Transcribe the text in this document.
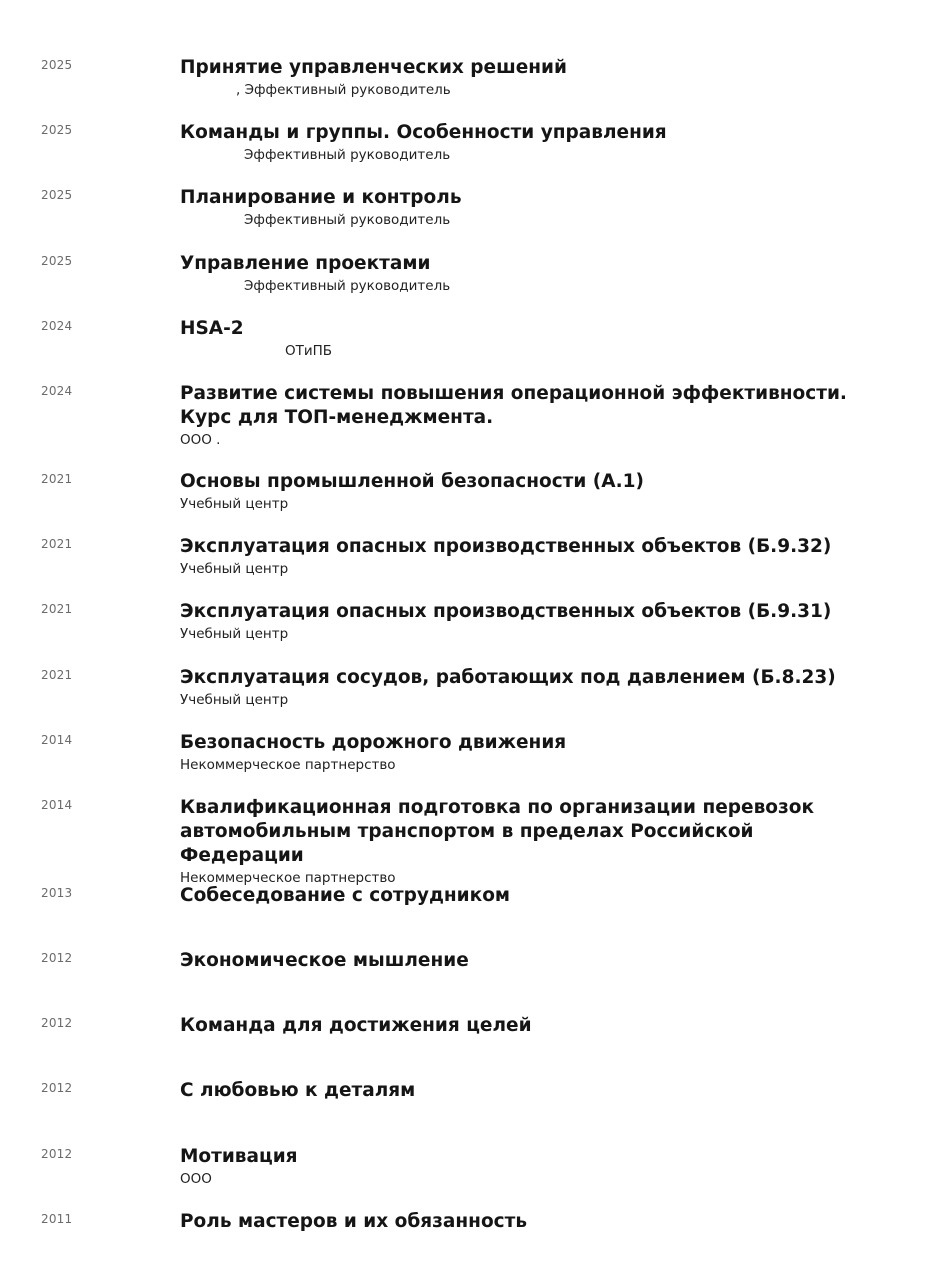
2025	Принятие управленческих решений
, Эффективный руководитель
2025	Команды и группы. Особенности управления
Эффективный руководитель
2025	Планирование и контроль
Эффективный руководитель
2025	Управление проектами
Эффективный руководитель
2024	HSA-2
ОТиПБ
2024	Развитие системы повышения операционной эффективности. Курс для ТОП-менеджмента.
ООО .
2021	Основы промышленной безопасности (А.1)
Учебный центр
2021	Эксплуатация опасных производственных объектов (Б.9.32)
Учебный центр
2021	Эксплуатация опасных производственных объектов (Б.9.31)
Учебный центр
2021	Эксплуатация сосудов, работающих под давлением (Б.8.23)
Учебный центр
2014	Безопасность дорожного движения
Некоммерческое партнерство
2014	Квалификационная подготовка по организации перевозок автомобильным транспортом в пределах Российской Федерации
Некоммерческое партнерство
2013	Собеседование с сотрудником
2012	Экономическое мышление
2012	Команда для достижения целей
2012	С любовью к деталям
2012	Мотивация
ООО
2011	Роль мастеров и их обязанность
